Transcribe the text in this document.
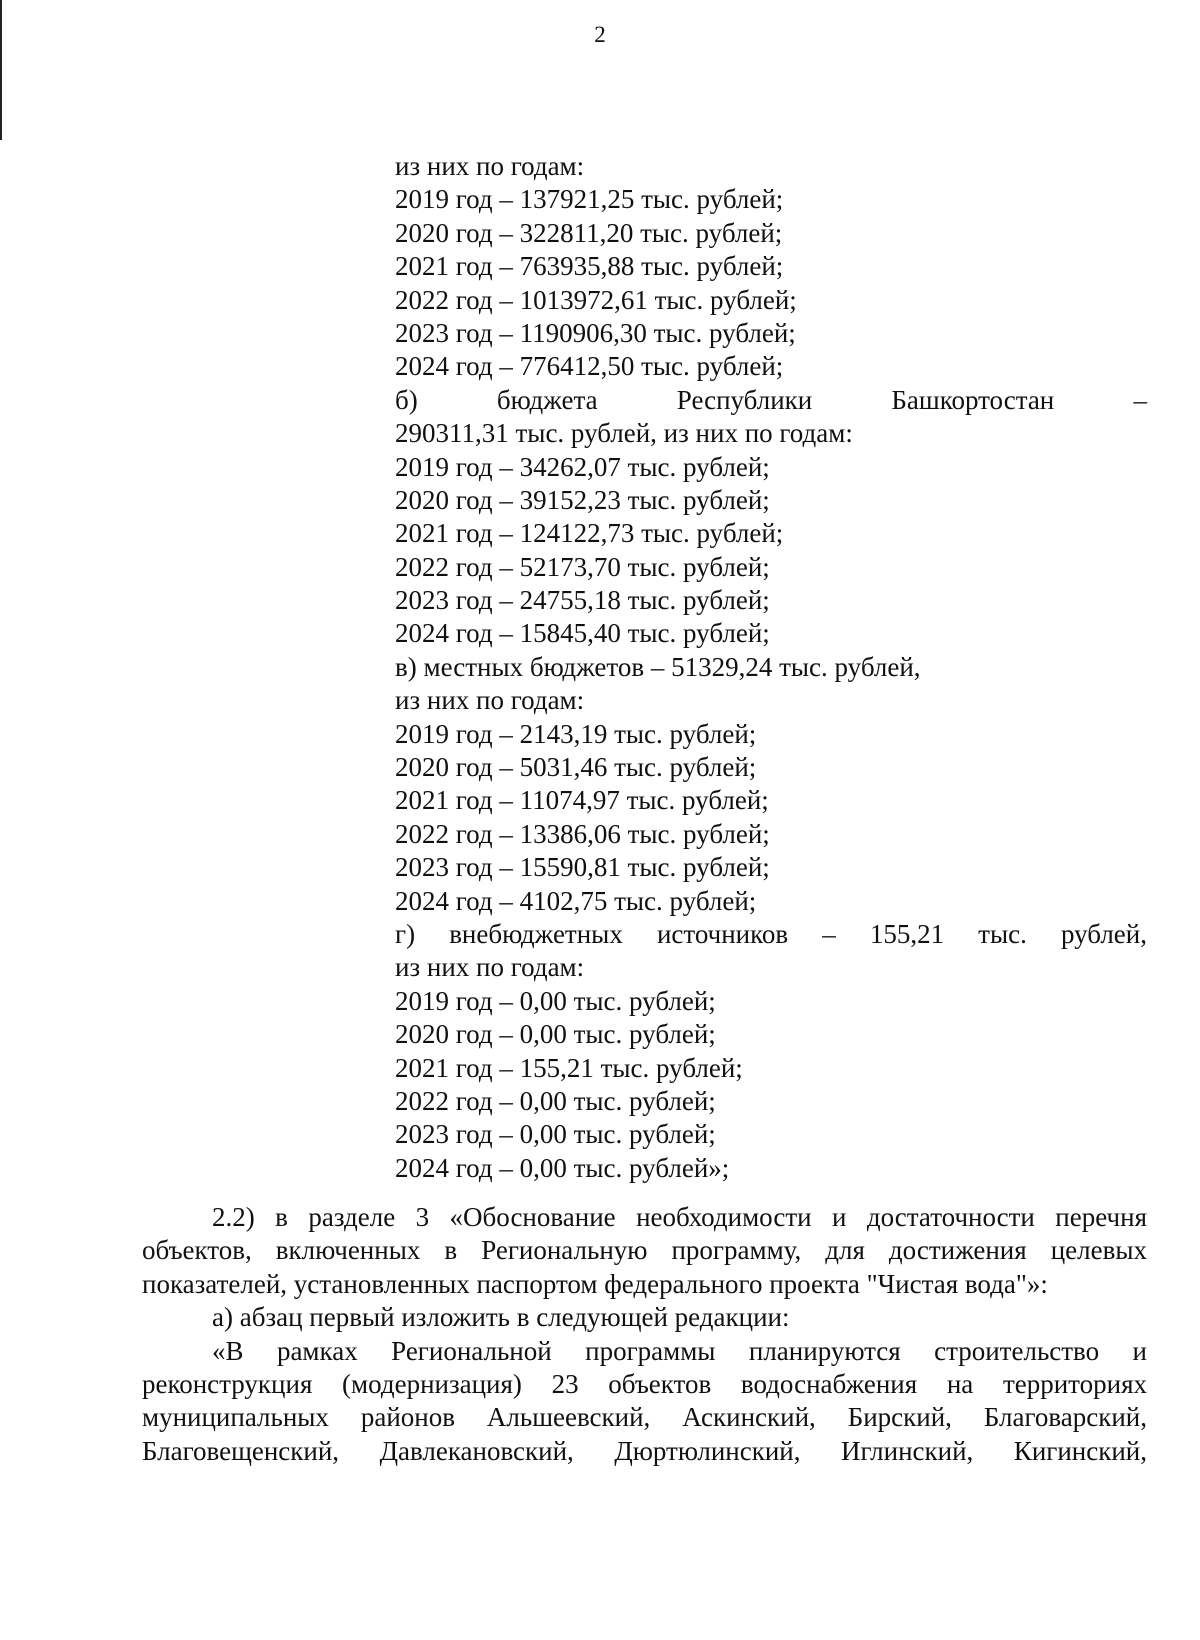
2
из них по годам:
2019 год – 137921,25 тыс. рублей;
2020 год – 322811,20 тыс. рублей;
2021 год – 763935,88 тыс. рублей;
2022 год – 1013972,61 тыс. рублей;
2023 год – 1190906,30 тыс. рублей;
2024 год – 776412,50 тыс. рублей;
б)	бюджета	Республики	Башкортостан	–
290311,31 тыс. рублей, из них по годам:
2019 год – 34262,07 тыс. рублей;
2020 год – 39152,23 тыс. рублей;
2021 год – 124122,73 тыс. рублей;
2022 год – 52173,70 тыс. рублей;
2023 год – 24755,18 тыс. рублей;
2024 год – 15845,40 тыс. рублей;
в) местных бюджетов – 51329,24 тыс. рублей,
из них по годам:
2019 год – 2143,19 тыс. рублей;
2020 год – 5031,46 тыс. рублей;
2021 год – 11074,97 тыс. рублей;
2022 год – 13386,06 тыс. рублей;
2023 год – 15590,81 тыс. рублей;
2024 год – 4102,75 тыс. рублей;
г) внебюджетных источников – 155,21 тыс. рублей,
из них по годам:
2019 год – 0,00 тыс. рублей;
2020 год – 0,00 тыс. рублей;
2021 год – 155,21 тыс. рублей;
2022 год – 0,00 тыс. рублей;
2023 год – 0,00 тыс. рублей;
2024 год – 0,00 тыс. рублей»;

2.2) в разделе 3 «Обоснование необходимости и достаточности перечня объектов, включенных в Региональную программу, для достижения целевых показателей, установленных паспортом федерального проекта "Чистая вода"»:

а) абзац первый изложить в следующей редакции:

«В рамках Региональной программы планируются строительство и реконструкция (модернизация) 23 объектов водоснабжения на территориях муниципальных районов Альшеевский, Аскинский, Бирский, Благоварский, Благовещенский, Давлекановский, Дюртюлинский, Иглинский, Кигинский,
